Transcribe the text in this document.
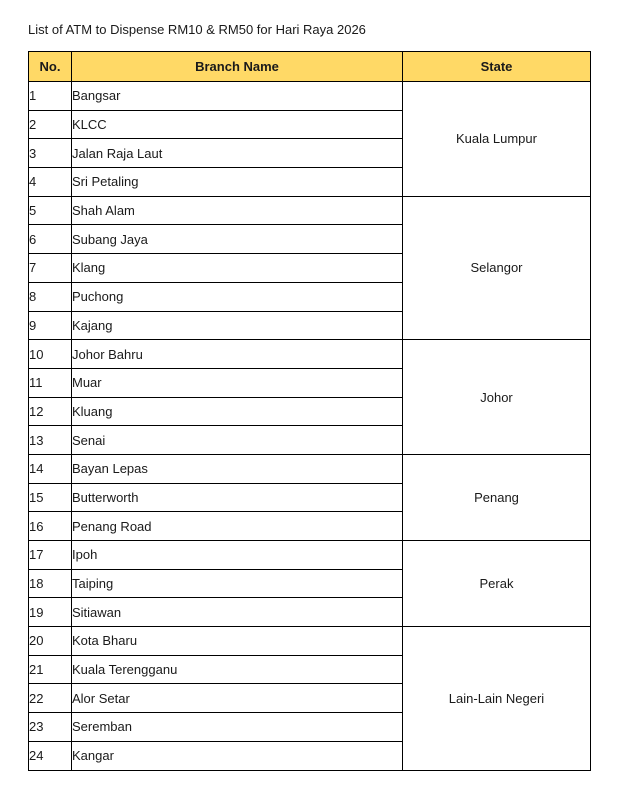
List of ATM to Dispense RM10 & RM50 for Hari Raya 2026
No.	Branch Name	State
1	Bangsar	Kuala Lumpur
2	KLCC	
3	Jalan Raja Laut	
4	Sri Petaling	
5	Shah Alam	Selangor
6	Subang Jaya	
7	Klang	
8	Puchong	
9	Kajang	
10	Johor Bahru	Johor
11	Muar	
12	Kluang	
13	Senai	
14	Bayan Lepas	Penang
15	Butterworth	
16	Penang Road	
17	Ipoh	Perak
18	Taiping	
19	Sitiawan	
20	Kota Bharu	Lain-Lain Negeri
21	Kuala Terengganu	
22	Alor Setar	
23	Seremban	
24	Kangar	
